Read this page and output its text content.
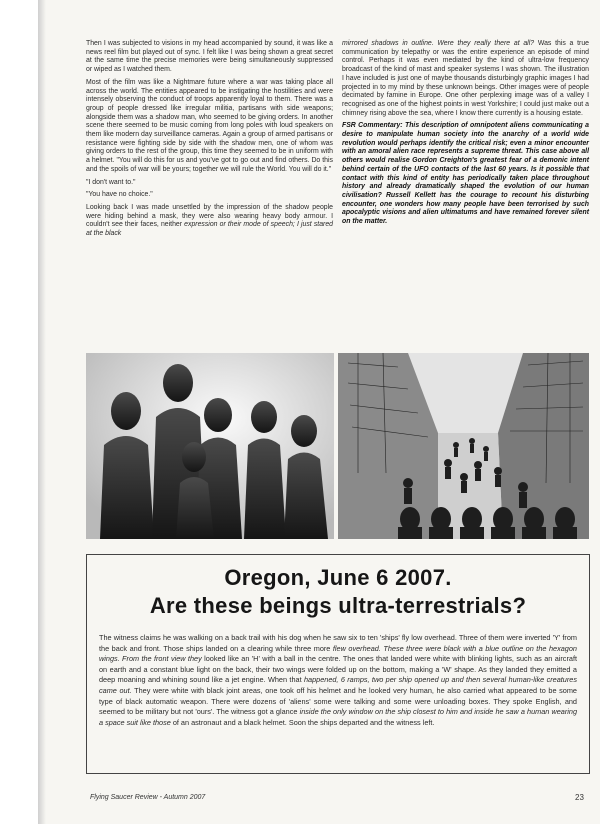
Then I was subjected to visions in my head accompanied by sound, it was like a news reel film but played out of sync. I felt like I was being shown a great secret at the same time the precise memories were being simultaneously suppressed or wiped as I watched them.

Most of the film was like a Nightmare future where a war was taking place all across the world. The entities appeared to be instigating the hostilities and were intensely observing the conduct of troops apparently loyal to them. There was a group of people dressed like irregular militia, partisans with side weapons; alongside them was a shadow man, who seemed to be giving orders. In another scene there seemed to be music coming from long poles with loud speakers on them like modern day surveillance cameras. Again a group of armed partisans or resistance were fighting side by side with the shadow men, one of whom was giving orders to the rest of the group, this time they seemed to be in uniform with a helmet. "You will do this for us and you've got to go out and find others. Do this and the spoils of war will be yours; together we will rule the World. You will do it."

"I don't want to."

"You have no choice."

Looking back I was made unsettled by the impression of the shadow people were hiding behind a mask, they were also wearing heavy body armour. I couldn't see their faces, neither expression or their mode of speech; I just stared at the black

mirrored shadows in outline. Were they really there at all? Was this a true communication by telepathy or was the entire experience an episode of mind control. Perhaps it was even mediated by the kind of ultra-low frequency broadcast of the kind of mast and speaker systems I was shown. The illustration I have included is just one of maybe thousands disturbingly graphic images I had projected in to my mind by these unknown beings. Other images were of people decimated by famine in Europe. One other perplexing image was of a valley I recognised as one of the highest points in west Yorkshire; I could just make out a chimney rising above the sea, where I know there currently is a housing estate.

FSR Commentary: This description of omnipotent aliens communicating a desire to manipulate human society into the anarchy of a world wide revolution would perhaps identify the critical risk; even a minor encounter with an amoral alien race represents a supreme threat. This case above all others would realise Gordon Creighton's greatest fear of a demonic intent behind certain of the UFO contacts of the last 60 years. Is it possible that contact with this kind of entity has periodically taken place throughout history and already dramatically shaped the evolution of our human civilisation? Russell Kellett has the courage to recount his disturbing encounter, one wonders how many people have been terrorised by such apocalyptic visions and alien ultimatums and have remained forever silent on the matter.

Oregon, June 6 2007.
Are these beings ultra-terrestrials?
The witness claims he was walking on a back trail with his dog when he saw six to ten 'ships' fly low overhead. Three of them were inverted 'Y' from the back and front. Those ships landed on a clearing while three more flew overhead. These three were black with a blue outline on the hexagon wings. From the front view they looked like an 'H' with a ball in the centre. The ones that landed were white with blinking lights, such as an aircraft on earth and a constant blue light on the back, their two wings were folded up on the bottom, making a 'W' shape. As they landed they emitted a deep moaning and whining sound like a jet engine. When that happened, 6 ramps, two per ship opened up and then several human-like creatures came out. They were white with black joint areas, one took off his helmet and he looked very human, he also carried what appeared to be some type of black automatic weapon. There were dozens of 'aliens' some were talking and some were unloading boxes. They spoke English, and seemed to be military but not 'ours'. The witness got a glance inside the only window on the ship closest to him and inside he saw a human wearing a space suit like those of an astronaut and a black helmet. Soon the ships departed and the witness left.
Flying Saucer Review - Autumn 2007	23
